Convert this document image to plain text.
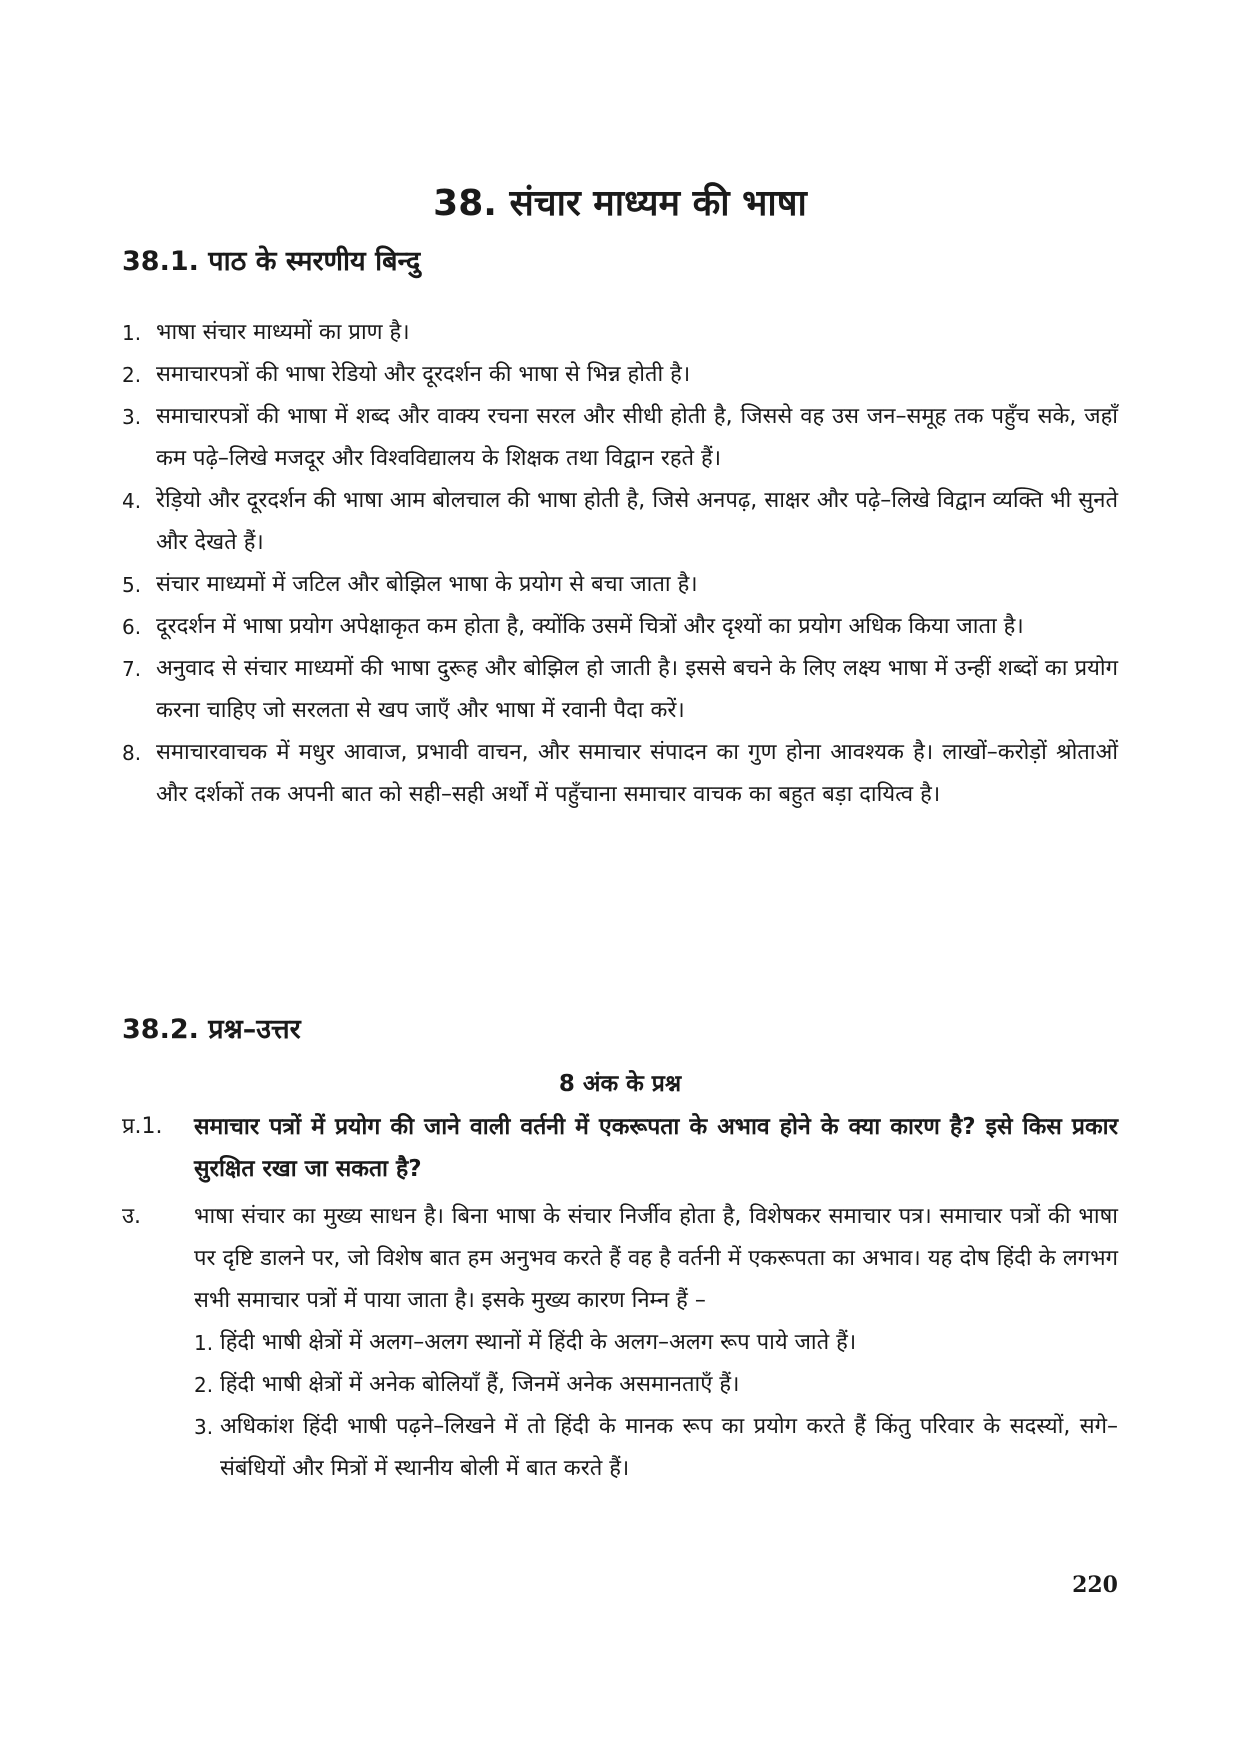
38. संचार माध्यम की भाषा
38.1. पाठ के स्मरणीय बिन्दु
1. भाषा संचार माध्यमों का प्राण है।
2. समाचारपत्रों की भाषा रेडियो और दूरदर्शन की भाषा से भिन्न होती है।
3. समाचारपत्रों की भाषा में शब्द और वाक्य रचना सरल और सीधी होती है, जिससे वह उस जन–समूह तक पहुँच सके, जहाँ कम पढ़े–लिखे मजदूर और विश्वविद्यालय के शिक्षक तथा विद्वान रहते हैं।
4. रेड़ियो और दूरदर्शन की भाषा आम बोलचाल की भाषा होती है, जिसे अनपढ़, साक्षर और पढ़े–लिखे विद्वान व्यक्ति भी सुनते और देखते हैं।
5. संचार माध्यमों में जटिल और बोझिल भाषा के प्रयोग से बचा जाता है।
6. दूरदर्शन में भाषा प्रयोग अपेक्षाकृत कम होता है, क्योंकि उसमें चित्रों और दृश्यों का प्रयोग अधिक किया जाता है।
7. अनुवाद से संचार माध्यमों की भाषा दुरूह और बोझिल हो जाती है। इससे बचने के लिए लक्ष्य भाषा में उन्हीं शब्दों का प्रयोग करना चाहिए जो सरलता से खप जाएँ और भाषा में रवानी पैदा करें।
8. समाचारवाचक में मधुर आवाज, प्रभावी वाचन, और समाचार संपादन का गुण होना आवश्यक है। लाखों–करोड़ों श्रोताओं और दर्शकों तक अपनी बात को सही–सही अर्थों में पहुँचाना समाचार वाचक का बहुत बड़ा दायित्व है।
38.2. प्रश्न–उत्तर
8 अंक के प्रश्न
प्र.1. समाचार पत्रों में प्रयोग की जाने वाली वर्तनी में एकरूपता के अभाव होने के क्या कारण है? इसे किस प्रकार सुरक्षित रखा जा सकता है?
उ. भाषा संचार का मुख्य साधन है। बिना भाषा के संचार निर्जीव होता है, विशेषकर समाचार पत्र। समाचार पत्रों की भाषा पर दृष्टि डालने पर, जो विशेष बात हम अनुभव करते हैं वह है वर्तनी में एकरूपता का अभाव। यह दोष हिंदी के लगभग सभी समाचार पत्रों में पाया जाता है। इसके मुख्य कारण निम्न हैं –
1. हिंदी भाषी क्षेत्रों में अलग–अलग स्थानों में हिंदी के अलग–अलग रूप पाये जाते हैं।
2. हिंदी भाषी क्षेत्रों में अनेक बोलियाँ हैं, जिनमें अनेक असमानताएँ हैं।
3. अधिकांश हिंदी भाषी पढ़ने–लिखने में तो हिंदी के मानक रूप का प्रयोग करते हैं किंतु परिवार के सदस्यों, सगे–संबंधियों और मित्रों में स्थानीय बोली में बात करते हैं।

220
